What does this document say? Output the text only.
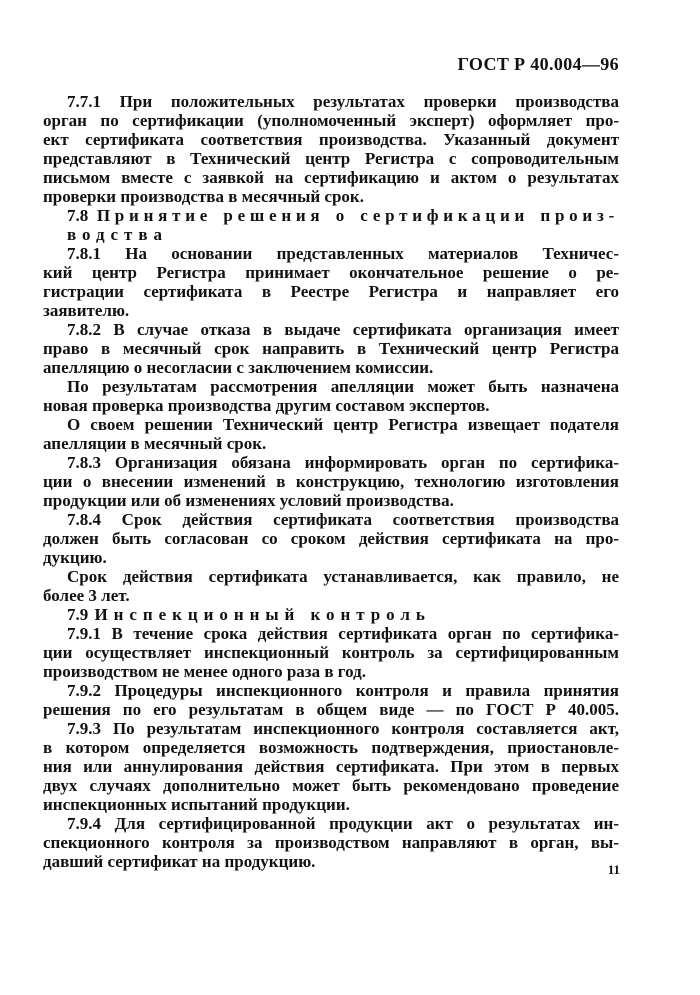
ГОСТ Р 40.004—96
7.7.1 При положительных результатах проверки производства
орган по сертификации (уполномоченный эксперт) оформляет про-
ект сертификата соответствия производства. Указанный документ
представляют в Технический центр Регистра с сопроводительным
письмом вместе с заявкой на сертификацию и актом о результатах
проверки производства в месячный срок.
7.8 Принятие решения о сертификации произ-
водства
7.8.1 На основании представленных материалов Техничес-
кий центр Регистра принимает окончательное решение о ре-
гистрации сертификата в Реестре Регистра и направляет его
заявителю.
7.8.2 В случае отказа в выдаче сертификата организация имеет
право в месячный срок направить в Технический центр Регистра
апелляцию о несогласии с заключением комиссии.
По результатам рассмотрения апелляции может быть назначена
новая проверка производства другим составом экспертов.
О своем решении Технический центр Регистра извещает подателя
апелляции в месячный срок.
7.8.3 Организация обязана информировать орган по сертифика-
ции о внесении изменений в конструкцию, технологию изготовления
продукции или об изменениях условий производства.
7.8.4 Срок действия сертификата соответствия производства
должен быть согласован со сроком действия сертификата на про-
дукцию.
Срок действия сертификата устанавливается, как правило, не
более 3 лет.
7.9 Инспекционный контроль
7.9.1 В течение срока действия сертификата орган по сертифика-
ции осуществляет инспекционный контроль за сертифицированным
производством не менее одного раза в год.
7.9.2 Процедуры инспекционного контроля и правила принятия
решения по его результатам в общем виде — по ГОСТ Р 40.005.
7.9.3 По результатам инспекционного контроля составляется акт,
в котором определяется возможность подтверждения, приостановле-
ния или аннулирования действия сертификата. При этом в первых
двух случаях дополнительно может быть рекомендовано проведение
инспекционных испытаний продукции.
7.9.4 Для сертифицированной продукции акт о результатах ин-
спекционного контроля за производством направляют в орган, вы-
давший сертификат на продукцию.	11
